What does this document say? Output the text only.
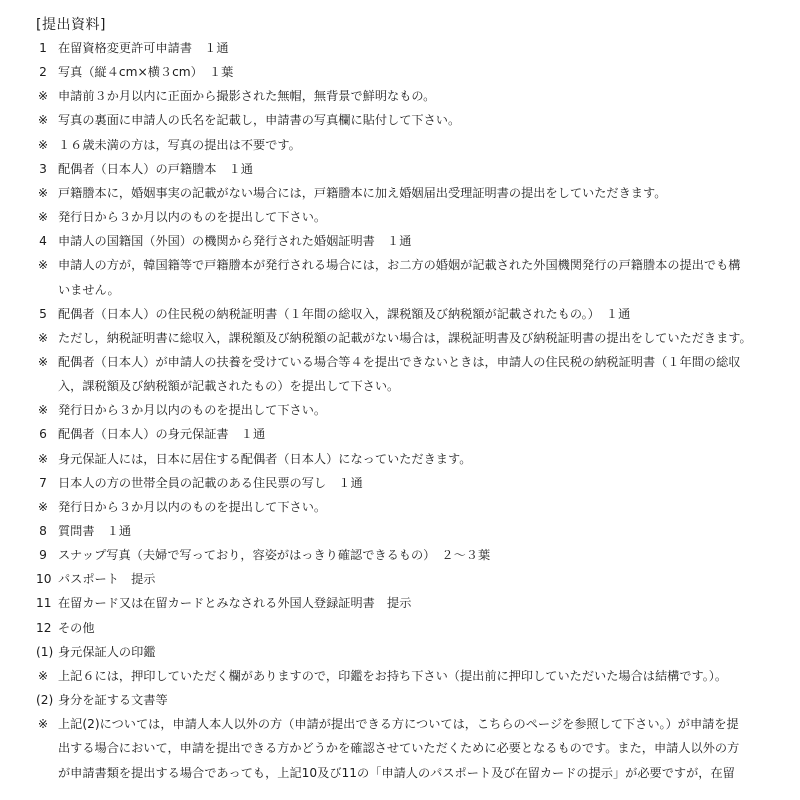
[提出資料]
1 在留資格変更許可申請書　１通
2 写真（縦４cm×横３cm）　１葉
※ 申請前３か月以内に正面から撮影された無帽，無背景で鮮明なもの。
※ 写真の裏面に申請人の氏名を記載し，申請書の写真欄に貼付して下さい。
※ １６歳未満の方は，写真の提出は不要です。
3 配偶者（日本人）の戸籍謄本　１通
※ 戸籍謄本に，婚姻事実の記載がない場合には，戸籍謄本に加え婚姻届出受理証明書の提出をしていただきます。
※ 発行日から３か月以内のものを提出して下さい。
4 申請人の国籍国（外国）の機関から発行された婚姻証明書　１通
※ 申請人の方が，韓国籍等で戸籍謄本が発行される場合には，お二方の婚姻が記載された外国機関発行の戸籍謄本の提出でも構
いません。
5 配偶者（日本人）の住民税の納税証明書（１年間の総収入，課税額及び納税額が記載されたもの。）　１通
※ ただし，納税証明書に総収入，課税額及び納税額の記載がない場合は，課税証明書及び納税証明書の提出をしていただきます。
※ 配偶者（日本人）が申請人の扶養を受けている場合等４を提出できないときは，申請人の住民税の納税証明書（１年間の総収
入，課税額及び納税額が記載されたもの）を提出して下さい。
※ 発行日から３か月以内のものを提出して下さい。
6 配偶者（日本人）の身元保証書　１通
※ 身元保証人には，日本に居住する配偶者（日本人）になっていただきます。
7 日本人の方の世帯全員の記載のある住民票の写し　１通
※ 発行日から３か月以内のものを提出して下さい。
8 質問書　１通
9 スナップ写真（夫婦で写っており，容姿がはっきり確認できるもの）　２～３葉
10 パスポート　提示
11 在留カード又は在留カードとみなされる外国人登録証明書　提示
12 その他
(1) 身元保証人の印鑑
※ 上記６には，押印していただく欄がありますので，印鑑をお持ち下さい（提出前に押印していただいた場合は結構です。）。
(2) 身分を証する文書等
※ 上記(2)については，申請人本人以外の方（申請が提出できる方については，こちらのページを参照して下さい。）が申請を提
出する場合において，申請を提出できる方かどうかを確認させていただくために必要となるものです。また，申請人以外の方
が申請書類を提出する場合であっても，上記10及び11の「申請人のパスポート及び在留カードの提示」が必要ですが，在留
